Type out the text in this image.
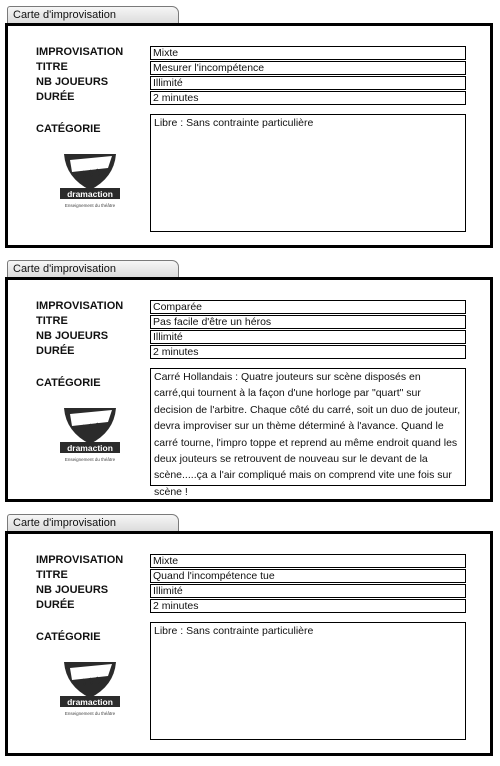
Carte d'improvisation
IMPROVISATION	Mixte
TITRE	Mesurer l'incompétence
NB JOUEURS	Illimité
DURÉE	2 minutes
CATÉGORIE	Libre : Sans contrainte particulière
dramaction
Enseignement du théâtre
Carte d'improvisation
IMPROVISATION	Comparée
TITRE	Pas facile d'être un héros
NB JOUEURS	Illimité
DURÉE	2 minutes
CATÉGORIE	Carré Hollandais : Quatre jouteurs sur scène disposés en carré,qui tournent à la façon d'une horloge par "quart" sur decision de l'arbitre. Chaque côté du carré, soit un duo de jouteur, devra improviser sur un thème déterminé à l'avance. Quand le carré tourne, l'impro toppe et reprend au même endroit quand les deux jouteurs se retrouvent de nouveau sur le devant de la scène.....ça a l'air compliqué mais on comprend vite une fois sur scène !
dramaction
Enseignement du théâtre
Carte d'improvisation
IMPROVISATION	Mixte
TITRE	Quand l'incompétence tue
NB JOUEURS	Illimité
DURÉE	2 minutes
CATÉGORIE	Libre : Sans contrainte particulière
dramaction
Enseignement du théâtre
